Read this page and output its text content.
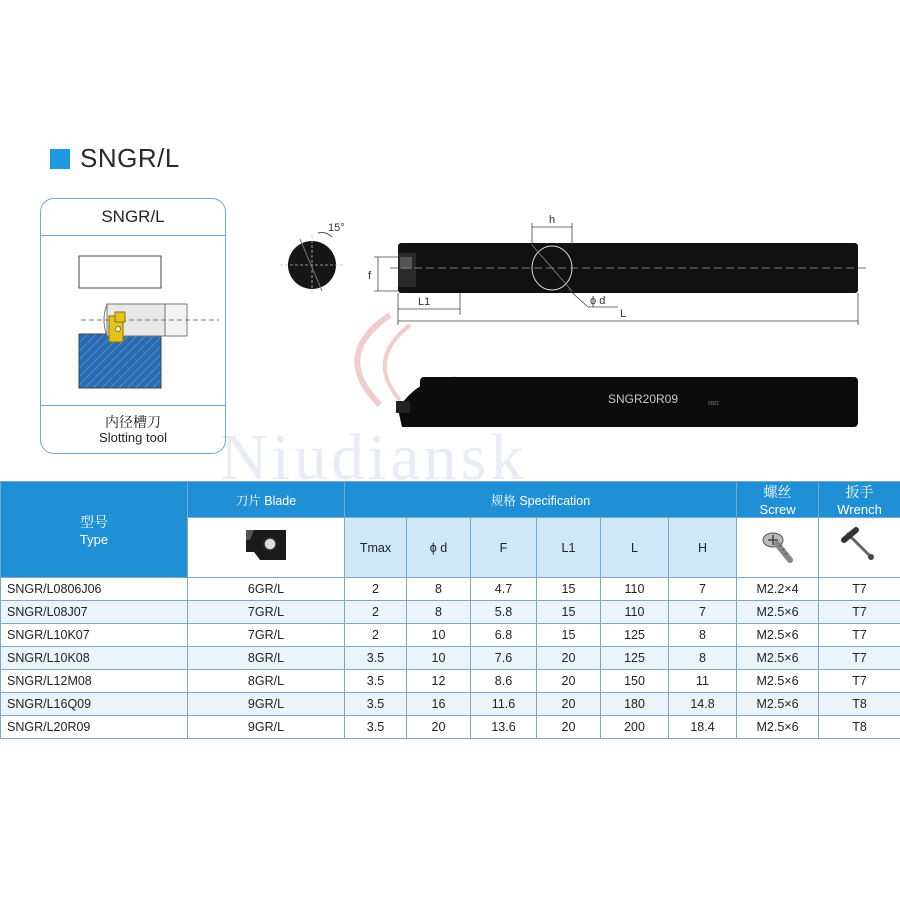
SNGR/L
SNGR/L
内径槽刀
Slotting tool
15°
h
f
ϕ d
L1
L
SNGR20R09	0001
Niudiansk
型号
Type	刀片 Blade	规格 Specification						螺丝
Screw	扳手
Wrench

	Tmax	ϕ d	F	L1	L	H		
SNGR/L0806J06	6GR/L	2	8	4.7	15	110	7	M2.2×4	T7
SNGR/L08J07	7GR/L	2	8	5.8	15	110	7	M2.5×6	T7
SNGR/L10K07	7GR/L	2	10	6.8	15	125	8	M2.5×6	T7
SNGR/L10K08	8GR/L	3.5	10	7.6	20	125	8	M2.5×6	T7
SNGR/L12M08	8GR/L	3.5	12	8.6	20	150	11	M2.5×6	T7
SNGR/L16Q09	9GR/L	3.5	16	11.6	20	180	14.8	M2.5×6	T8
SNGR/L20R09	9GR/L	3.5	20	13.6	20	200	18.4	M2.5×6	T8
